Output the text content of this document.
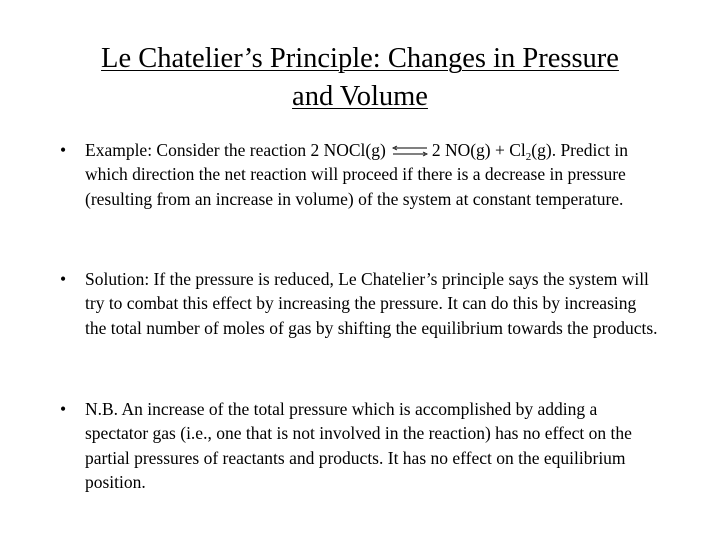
Le Chatelier’s Principle: Changes in Pressure
and Volume
• Example: Consider the reaction 2 NOCl(g) ⇌ 2 $NO(g) + Cl_2(g)$. Predict in which direction the net reaction will proceed if there is a decrease in pressure (resulting from an increase in volume) of the system at constant temperature.
• Solution: If the pressure is reduced, Le Chatelier’s principle says the system will try to combat this effect by increasing the pressure. It can do this by increasing the total number of moles of gas by shifting the equilibrium towards the products.
• N.B. An increase of the total pressure which is accomplished by adding a spectator gas (i.e., one that is not involved in the reaction) has no effect on the partial pressures of reactants and products. It has no effect on the equilibrium position.
